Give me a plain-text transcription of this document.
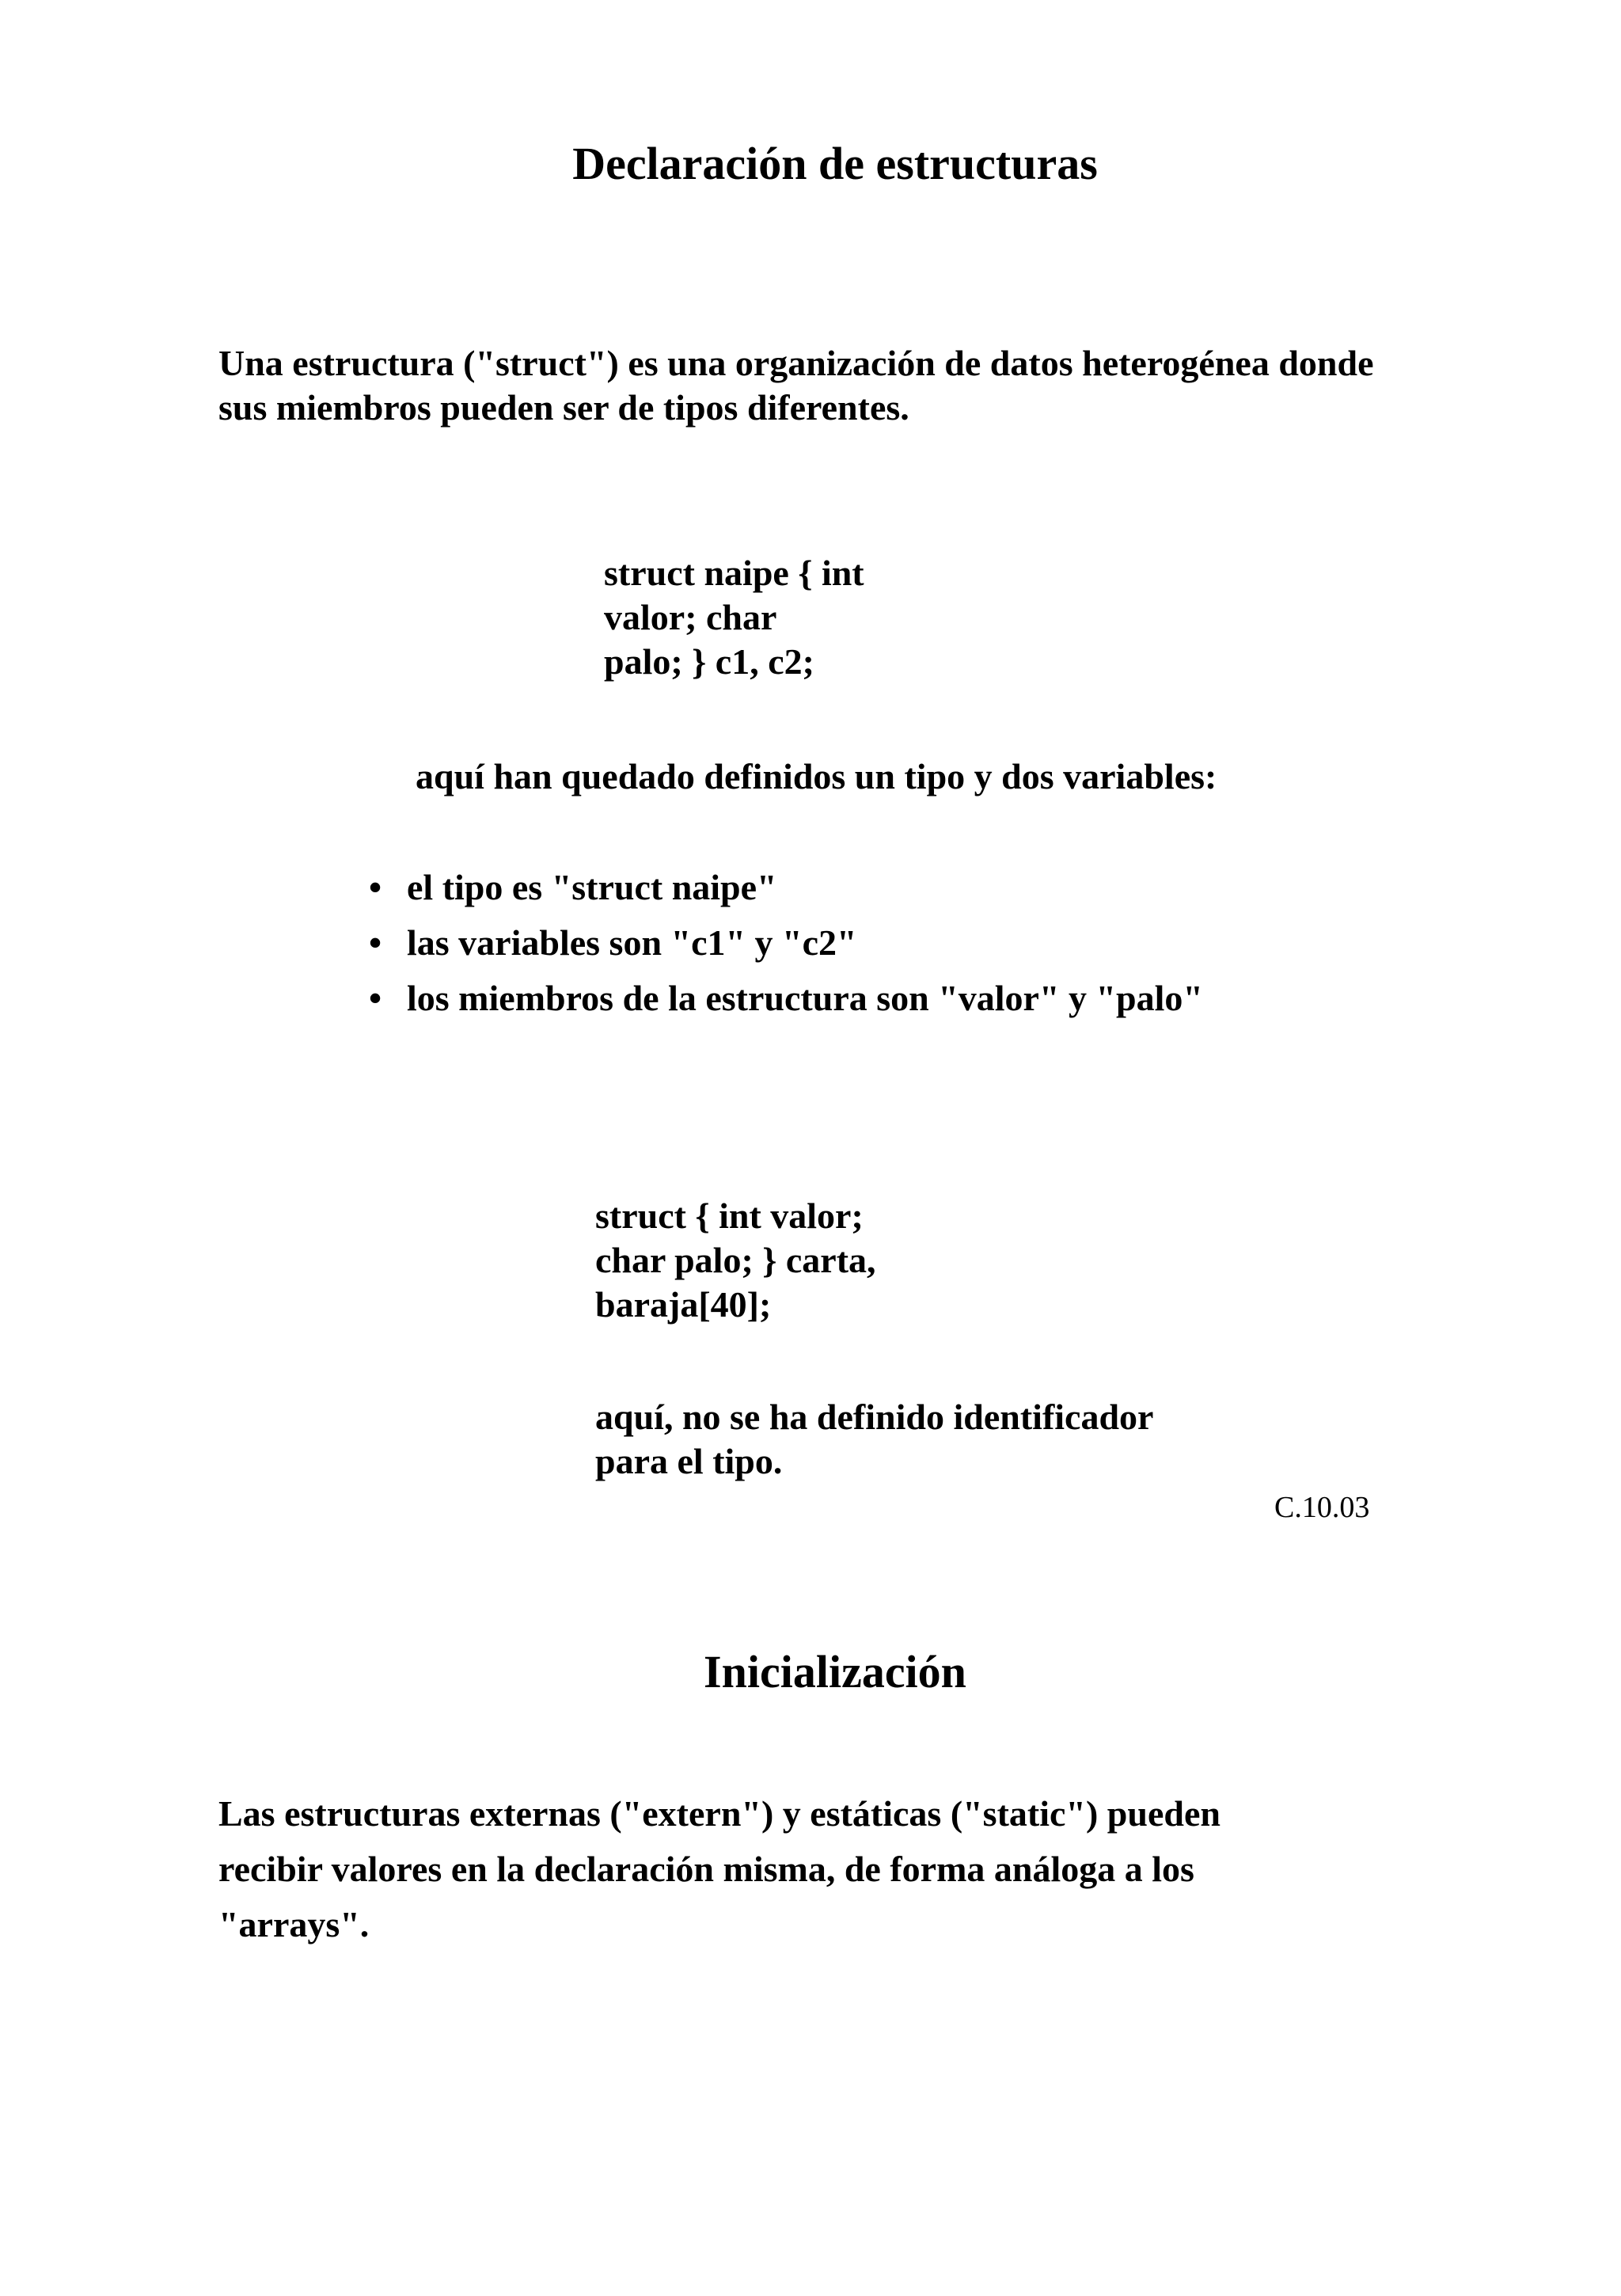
Declaración de estructuras

Una estructura ("struct") es una organización de datos heterogénea donde

sus miembros pueden ser de tipos diferentes.

struct naipe { int
valor; char
palo; } c1, c2;

aquí han quedado definidos un tipo y dos variables:

• el tipo es "struct naipe"
• las variables son "c1" y "c2"
• los miembros de la estructura son "valor" y "palo"
struct { int valor;
char palo; } carta,
baraja[40];
aquí, no se ha definido identificador
para el tipo.
C.10.03
Inicialización
Las estructuras externas ("extern") y estáticas ("static") pueden
recibir valores en la declaración misma, de forma análoga a los
"arrays".
